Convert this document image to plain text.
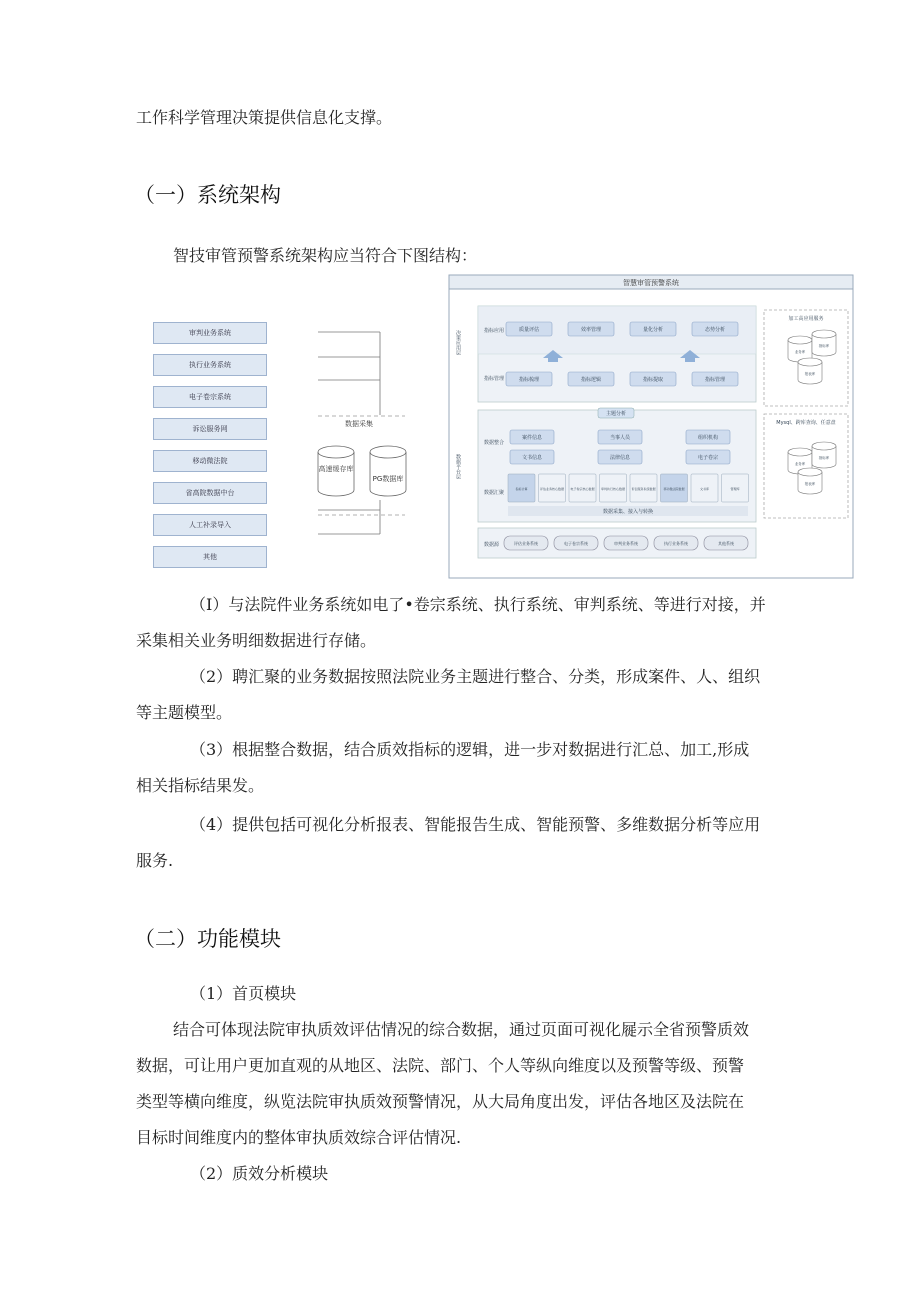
工作科学管理决策提供信息化支撑。
（一）系统架构
智技审管预警系统架构应当符合下图结构：
审判业务系统
执行业务系统
电子卷宗系统
诉讼服务网
移动微法院
省高院数据中台
人工补录导入
其他
数据采集
高速缓存库
PG数据库
智慧审管预警系统
决策应用层	指标应用
指标管理
质量评估	效率管理	量化分析	态势分析
指标梳理	指标逻辑	指标提取	指标管理
数据平台层
主题分析
数据整合
案件信息	当事人员	组织机构
文书信息	法律信息	电子卷宗
数据汇聚
指标计算	评估业务核心数据 电子卷宗核心数据 审判执行核心数据 诉讼服务系统数据	移动微法院数据	文书库	管理库
数据采集、接入与转换
数据源	评估业务系统	电子卷宗系统	审判业务系统	执行业务系统	其他系统
加工高应用服务
Mysql、跨库查询、任意盘
业务库
指标库
报表库
业务库
指标库
报表库
（I）与法院件业务系统如电了•卷宗系统、执行系统、审判系统、等进行对接，并
采集相关业务明细数据进行存储。
（2）聘汇聚的业务数据按照法院业务主题进行整合、分类，形成案件、人、组织
等主题模型。
（3）根据整合数据，结合质效指标的逻辑，进一步对数据进行汇总、加工,形成
相关指标结果发。
（4）提供包括可视化分析报表、智能报告生成、智能预警、多维数据分析等应用
服务.
（二）功能模块
（1）首页模块
结合可体现法院审执质效评估情况的综合数据，通过页面可视化屣示全省预警质效
数据，可让用户更加直观的从地区、法院、部门、个人等纵向维度以及预警等级、预警
类型等横向维度，纵览法院审执质效预警情况，从大局角度出发，评估各地区及法院在
目标时间维度内的整体审执质效综合评估情况.
（2）质效分析模块
